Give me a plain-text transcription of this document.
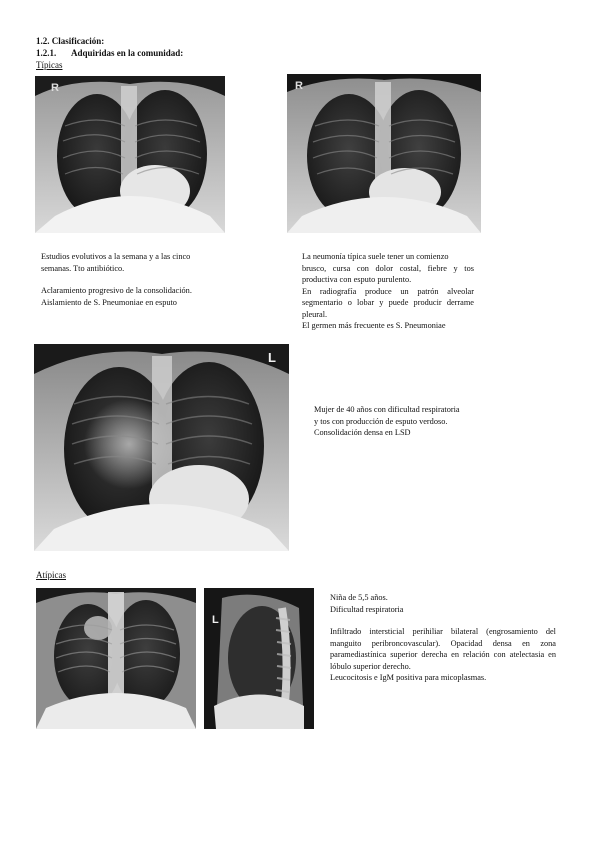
1.2. Clasificación:
1.2.1. Adquiridas en la comunidad:
Típicas
R	R

Estudios evolutivos a la semana y a las cinco semanas. Tto antibiótico.

Aclaramiento progresivo de la consolidación.

Aislamiento de S. Pneumoniae en esputo

La neumonía típica suele tener un comienzo

brusco, cursa con dolor costal, fiebre y tos productiva con esputo purulento.

En radiografía produce un patrón alveolar segmentario o lobar y puede producir derrame pleural.

El germen más frecuente es S. Pneumoniae

L

Mujer de 40 años con dificultad respiratoria y tos con producción de esputo verdoso.

Consolidación densa en LSD

Atípicas
L

Niña de 5,5 años.

Dificultad respiratoria

Infiltrado intersticial perihiliar bilateral (engrosamiento del manguito peribroncovascular). Opacidad densa en zona paramediastínica superior derecha en relación con atelectasia en lóbulo superior derecho.

Leucocitosis e IgM positiva para micoplasmas.
